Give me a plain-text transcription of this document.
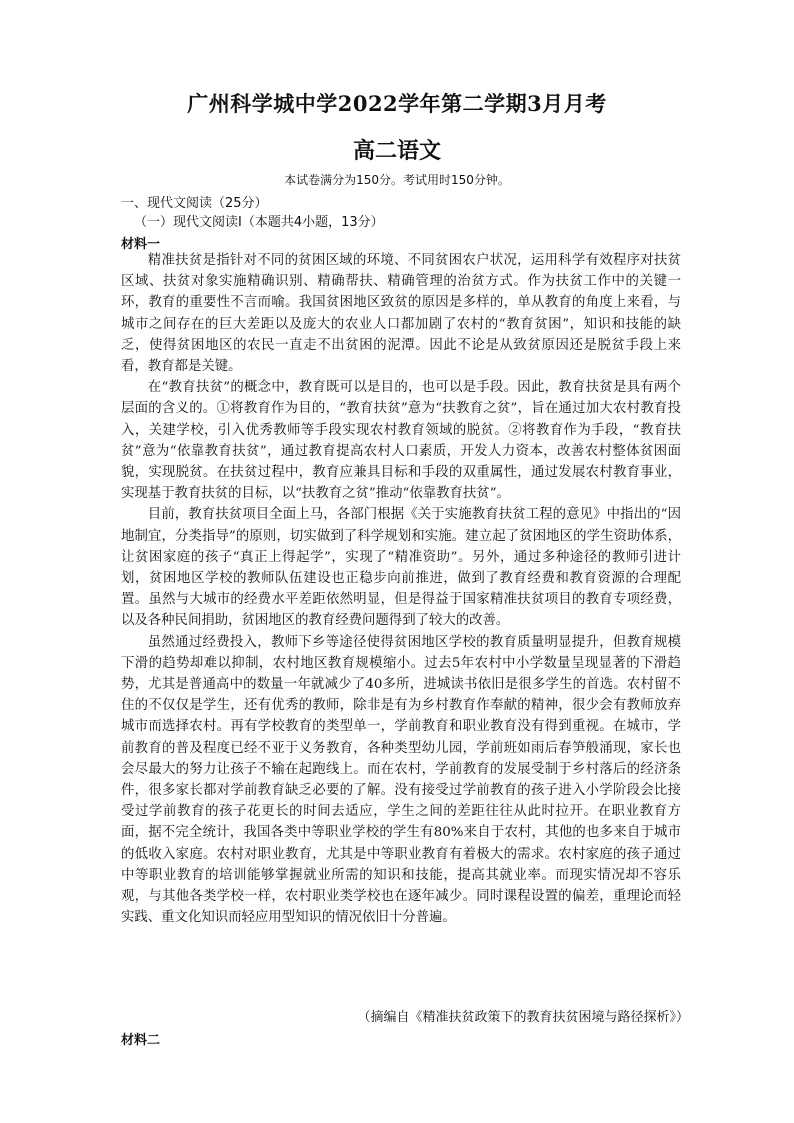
广州科学城中学2022学年第二学期3月月考
高二语文
本试卷满分为150分。考试用时150分钟。
一、现代文阅读（25分）
（一）现代文阅读Ⅰ（本题共4小题，13分）
材料一

精准扶贫是指针对不同的贫困区域的环境、不同贫困农户状况，运用科学有效程序对扶贫区域、扶贫对象实施精确识别、精确帮扶、精确管理的治贫方式。作为扶贫工作中的关键一环，教育的重要性不言而喻。我国贫困地区致贫的原因是多样的，单从教育的角度上来看，与城市之间存在的巨大差距以及庞大的农业人口都加剧了农村的“教育贫困”，知识和技能的缺乏，使得贫困地区的农民一直走不出贫困的泥潭。因此不论是从致贫原因还是脱贫手段上来看，教育都是关键。

在“教育扶贫”的概念中，教育既可以是目的，也可以是手段。因此，教育扶贫是具有两个层面的含义的。①将教育作为目的，“教育扶贫”意为“扶教育之贫”，旨在通过加大农村教育投入，关建学校，引入优秀教师等手段实现农村教育领域的脱贫。②将教育作为手段，“教育扶贫”意为“依靠教育扶贫”，通过教育提高农村人口素质，开发人力资本，改善农村整体贫困面貌，实现脱贫。在扶贫过程中，教育应兼具目标和手段的双重属性，通过发展农村教育事业，实现基于教育扶贫的目标，以“扶教育之贫”推动“依靠教育扶贫”。

目前，教育扶贫项目全面上马，各部门根据《关于实施教育扶贫工程的意见》中指出的“因地制宜，分类指导”的原则，切实做到了科学规划和实施。建立起了贫困地区的学生资助体系，让贫困家庭的孩子“真正上得起学”，实现了“精准资助”。另外，通过多种途径的教师引进计划，贫困地区学校的教师队伍建设也正稳步向前推进，做到了教育经费和教育资源的合理配置。虽然与大城市的经费水平差距依然明显，但是得益于国家精准扶贫项目的教育专项经费，以及各种民间捐助，贫困地区的教育经费问题得到了较大的改善。

虽然通过经费投入，教师下乡等途径使得贫困地区学校的教育质量明显提升，但教育规模下滑的趋势却难以抑制，农村地区教育规模缩小。过去5年农村中小学数量呈现显著的下滑趋势，尤其是普通高中的数量一年就减少了40多所，进城读书依旧是很多学生的首选。农村留不住的不仅仅是学生，还有优秀的教师，除非是有为乡村教育作奉献的精神，很少会有教师放弃城市而选择农村。再有学校教育的类型单一，学前教育和职业教育没有得到重视。在城市，学前教育的普及程度已经不亚于义务教育，各种类型幼儿园，学前班如雨后春笋般涌现，家长也会尽最大的努力让孩子不输在起跑线上。而在农村，学前教育的发展受制于乡村落后的经济条件，很多家长都对学前教育缺乏必要的了解。没有接受过学前教育的孩子进入小学阶段会比接受过学前教育的孩子花更长的时间去适应，学生之间的差距往往从此时拉开。在职业教育方面，据不完全统计，我国各类中等职业学校的学生有80%来自于农村，其他的也多来自于城市的低收入家庭。农村对职业教育，尤其是中等职业教育有着极大的需求。农村家庭的孩子通过中等职业教育的培训能够掌握就业所需的知识和技能，提高其就业率。而现实情况却不容乐观，与其他各类学校一样，农村职业类学校也在逐年减少。同时课程设置的偏差，重理论而轻实践、重文化知识而轻应用型知识的情况依旧十分普遍。

（摘编自《精准扶贫政策下的教育扶贫困境与路径探析》）
材料二
